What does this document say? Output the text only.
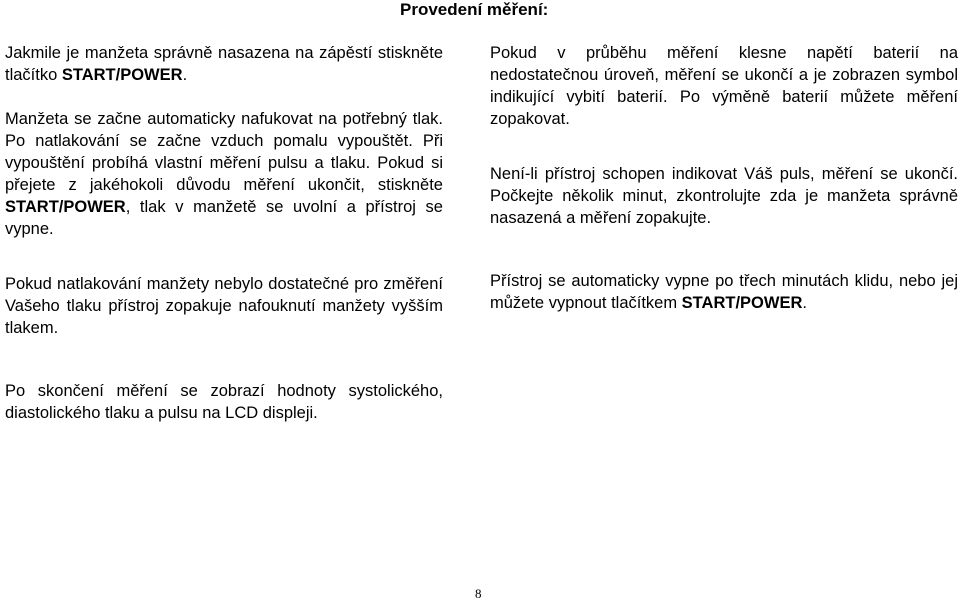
Provedení měření:

Jakmile je manžeta správně nasazena na zápěstí stiskněte tlačítko START/POWER.

Manžeta se začne automaticky nafukovat na potřebný tlak. Po natlakování se začne vzduch pomalu vypouštět. Při vypouštění probíhá vlastní měření pulsu a tlaku. Pokud si přejete z jakéhokoli důvodu měření ukončit, stiskněte START/POWER, tlak v manžetě se uvolní a přístroj se vypne.

Pokud natlakování manžety nebylo dostatečné pro změření Vašeho tlaku přístroj zopakuje nafouknutí manžety vyšším tlakem.

Po skončení měření se zobrazí hodnoty systolického, diastolického tlaku a pulsu na LCD displeji.

Pokud v průběhu měření klesne napětí baterií na nedostatečnou úroveň, měření se ukončí a je zobrazen symbol indikující vybití baterií. Po výměně baterií můžete měření zopakovat.

Není-li přístroj schopen indikovat Váš puls, měření se ukončí. Počkejte několik minut, zkontrolujte zda je manžeta správně nasazená a měření zopakujte.

Přístroj se automaticky vypne po třech minutách klidu, nebo jej můžete vypnout tlačítkem START/POWER.

8
